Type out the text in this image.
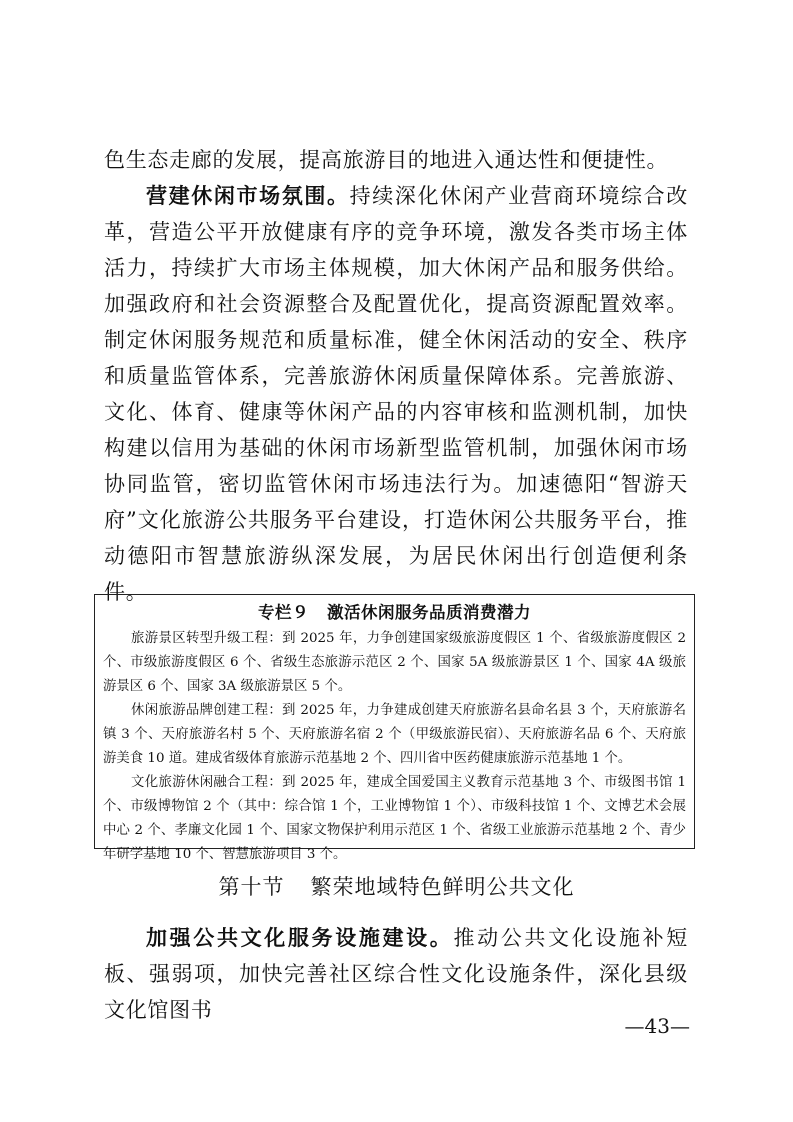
色生态走廊的发展，提高旅游目的地进入通达性和便捷性。

营建休闲市场氛围。持续深化休闲产业营商环境综合改革，营造公平开放健康有序的竞争环境，激发各类市场主体活力，持续扩大市场主体规模，加大休闲产品和服务供给。加强政府和社会资源整合及配置优化，提高资源配置效率。制定休闲服务规范和质量标准，健全休闲活动的安全、秩序和质量监管体系，完善旅游休闲质量保障体系。完善旅游、文化、体育、健康等休闲产品的内容审核和监测机制，加快构建以信用为基础的休闲市场新型监管机制，加强休闲市场协同监管，密切监管休闲市场违法行为。加速德阳“智游天府”文化旅游公共服务平台建设，打造休闲公共服务平台，推动德阳市智慧旅游纵深发展，为居民休闲出行创造便利条件。

专栏９ 激活休闲服务品质消费潜力

旅游景区转型升级工程：到 2025 年，力争创建国家级旅游度假区 1 个、省级旅游度假区 2 个、市级旅游度假区 6 个、省级生态旅游示范区 2 个、国家 5A 级旅游景区 1 个、国家 4A 级旅游景区 6 个、国家 3A 级旅游景区 5 个。

休闲旅游品牌创建工程：到 2025 年，力争建成创建天府旅游名县命名县 3 个，天府旅游名镇 3 个、天府旅游名村 5 个、天府旅游名宿 2 个（甲级旅游民宿）、天府旅游名品 6 个、天府旅游美食 10 道。建成省级体育旅游示范基地 2 个、四川省中医药健康旅游示范基地 1 个。

文化旅游休闲融合工程：到 2025 年，建成全国爱国主义教育示范基地 3 个、市级图书馆 1 个、市级博物馆 2 个（其中：综合馆 1 个，工业博物馆 1 个）、市级科技馆 1 个、文博艺术会展中心 2 个、孝廉文化园 1 个、国家文物保护利用示范区 1 个、省级工业旅游示范基地 2 个、青少年研学基地 10 个、智慧旅游项目 3 个。

第十节 繁荣地域特色鲜明公共文化

加强公共文化服务设施建设。推动公共文化设施补短板、强弱项，加快完善社区综合性文化设施条件，深化县级文化馆图书

—43—
